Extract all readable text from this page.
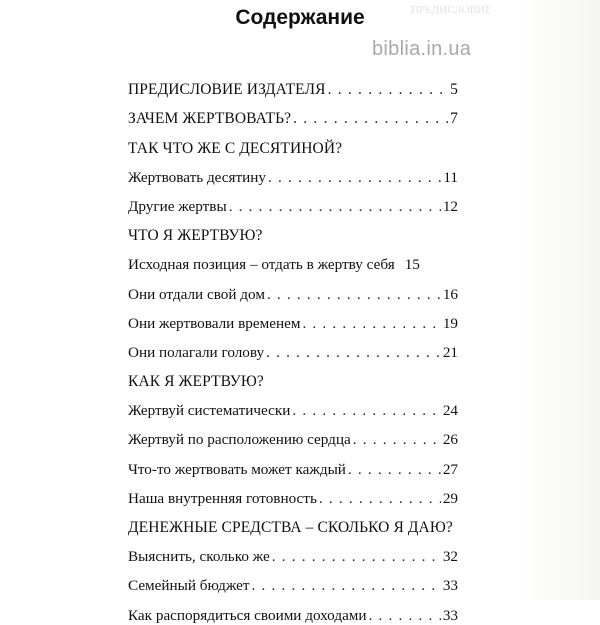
ПРЕДИСЛОВИЕ

Содержание
biblia.in.ua
ПРЕДИСЛОВИЕ ИЗДАТЕЛЯ . . .	5
ЗАЧЕМ ЖЕРТВОВАТЬ? . . .	7
ТАК ЧТО ЖЕ С ДЕСЯТИНОЙ?
Жертвовать десятину . . .	11
Другие жертвы . . .	12
ЧТО Я ЖЕРТВУЮ?
Исходная позиция – отдать в жертву себя 15
Они отдали свой дом . . .	16
Они жертвовали временем . . .	19
Они полагали голову . . .	21
КАК Я ЖЕРТВУЮ?
Жертвуй систематически . . .	24
Жертвуй по расположению сердца . . .	26
Что-то жертвовать может каждый . . .	27
Наша внутренняя готовность . . .	29
ДЕНЕЖНЫЕ СРЕДСТВА – СКОЛЬКО Я ДАЮ?
Выяснить, сколько же . . .	32
Семейный бюджет . . .	33
Как распорядиться своими доходами . . .	33
